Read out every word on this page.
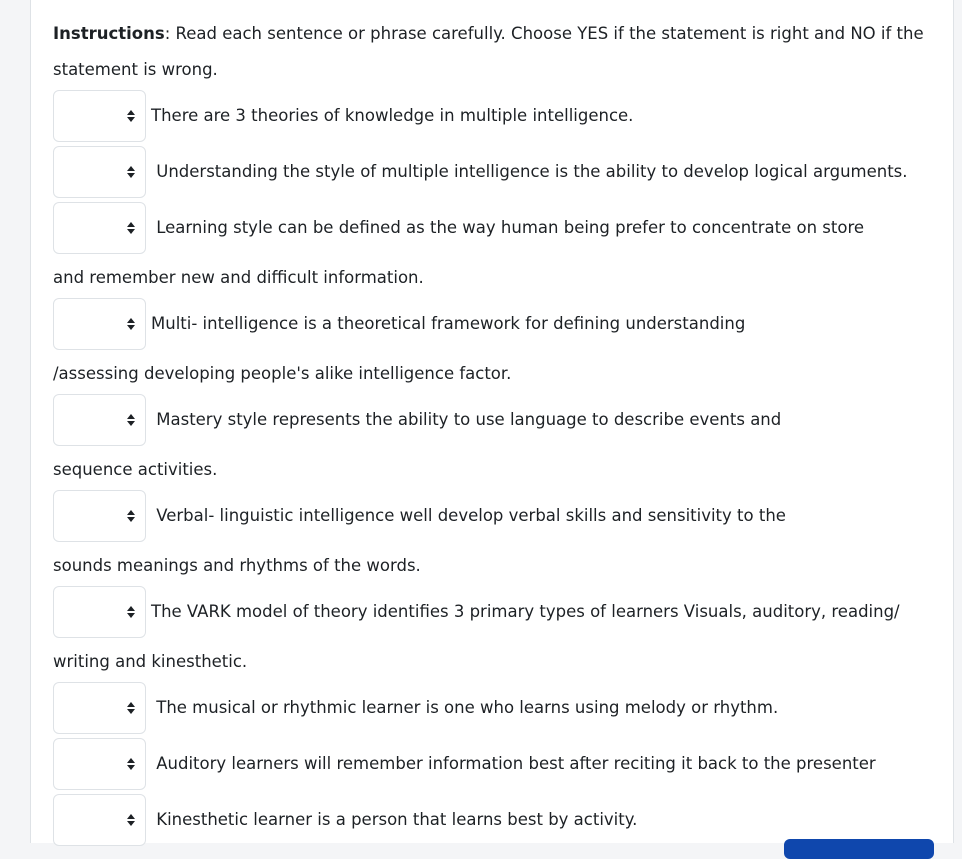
Instructions: Read each sentence or phrase carefully. Choose YES if the statement is right and NO if the statement is wrong.
There are 3 theories of knowledge in multiple intelligence.
Understanding the style of multiple intelligence is the ability to develop logical arguments.
Learning style can be defined as the way human being prefer to concentrate on store
and remember new and difficult information.
Multi- intelligence is a theoretical framework for defining understanding
/assessing developing people's alike intelligence factor.
Mastery style represents the ability to use language to describe events and
sequence activities.
Verbal- linguistic intelligence well develop verbal skills and sensitivity to the
sounds meanings and rhythms of the words.
The VARK model of theory identifies 3 primary types of learners Visuals, auditory, reading/
writing and kinesthetic.
The musical or rhythmic learner is one who learns using melody or rhythm.
Auditory learners will remember information best after reciting it back to the presenter
Kinesthetic learner is a person that learns best by activity.
